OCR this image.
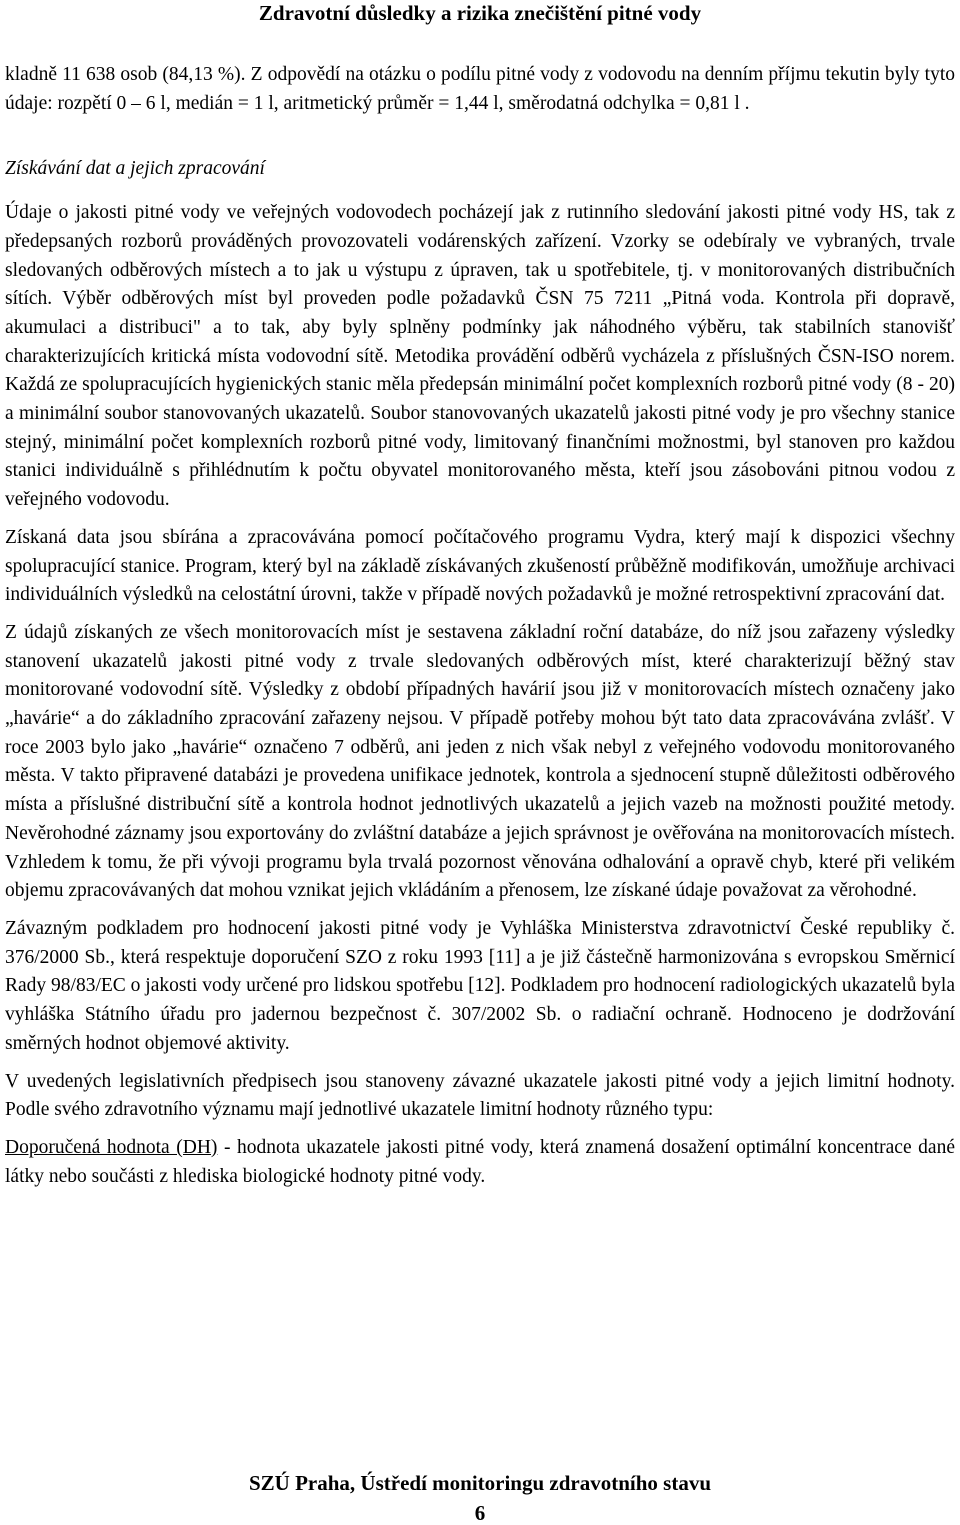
Zdravotní důsledky a rizika znečištění pitné vody

kladně 11 638 osob (84,13 %). Z odpovědí na otázku o podílu pitné vody z vodovodu na denním příjmu tekutin byly tyto údaje: rozpětí 0 – 6 l, medián = 1 l, aritmetický průměr = 1,44 l, směrodatná odchylka = 0,81 l .

Získávání dat a jejich zpracování

Údaje o jakosti pitné vody ve veřejných vodovodech pocházejí jak z rutinního sledování jakosti pitné vody HS, tak z předepsaných rozborů prováděných provozovateli vodárenských zařízení. Vzorky se odebíraly ve vybraných, trvale sledovaných odběrových místech a to jak u výstupu z úpraven, tak u spotřebitele, tj. v monitorovaných distribučních sítích. Výběr odběrových míst byl proveden podle požadavků ČSN 75 7211 „Pitná voda. Kontrola při dopravě, akumulaci a distribuci" a to tak, aby byly splněny podmínky jak náhodného výběru, tak stabilních stanovišť charakterizujících kritická místa vodovodní sítě. Metodika provádění odběrů vycházela z příslušných ČSN-ISO norem. Každá ze spolupracujících hygienických stanic měla předepsán minimální počet komplexních rozborů pitné vody (8 - 20) a minimální soubor stanovovaných ukazatelů. Soubor stanovovaných ukazatelů jakosti pitné vody je pro všechny stanice stejný, minimální počet komplexních rozborů pitné vody, limitovaný finančními možnostmi, byl stanoven pro každou stanici individuálně s přihlédnutím k počtu obyvatel monitorovaného města, kteří jsou zásobováni pitnou vodou z veřejného vodovodu.

Získaná data jsou sbírána a zpracovávána pomocí počítačového programu Vydra, který mají k dispozici všechny spolupracující stanice. Program, který byl na základě získávaných zkušeností průběžně modifikován, umožňuje archivaci individuálních výsledků na celostátní úrovni, takže v případě nových požadavků je možné retrospektivní zpracování dat.

Z údajů získaných ze všech monitorovacích míst je sestavena základní roční databáze, do níž jsou zařazeny výsledky stanovení ukazatelů jakosti pitné vody z trvale sledovaných odběrových míst, které charakterizují běžný stav monitorované vodovodní sítě. Výsledky z období případných havárií jsou již v monitorovacích místech označeny jako „havárie“ a do základního zpracování zařazeny nejsou. V případě potřeby mohou být tato data zpracovávána zvlášť. V roce 2003 bylo jako „havárie“ označeno 7 odběrů, ani jeden z nich však nebyl z veřejného vodovodu monitorovaného města. V takto připravené databázi je provedena unifikace jednotek, kontrola a sjednocení stupně důležitosti odběrového místa a příslušné distribuční sítě a kontrola hodnot jednotlivých ukazatelů a jejich vazeb na možnosti použité metody. Nevěrohodné záznamy jsou exportovány do zvláštní databáze a jejich správnost je ověřována na monitorovacích místech. Vzhledem k tomu, že při vývoji programu byla trvalá pozornost věnována odhalování a opravě chyb, které při velikém objemu zpracovávaných dat mohou vznikat jejich vkládáním a přenosem, lze získané údaje považovat za věrohodné.

Závazným podkladem pro hodnocení jakosti pitné vody je Vyhláška Ministerstva zdravotnictví České republiky č. 376/2000 Sb., která respektuje doporučení SZO z roku 1993 [11] a je již částečně harmonizována s evropskou Směrnicí Rady 98/83/EC o jakosti vody určené pro lidskou spotřebu [12]. Podkladem pro hodnocení radiologických ukazatelů byla vyhláška Státního úřadu pro jadernou bezpečnost č. 307/2002 Sb. o radiační ochraně. Hodnoceno je dodržování směrných hodnot objemové aktivity.

V uvedených legislativních předpisech jsou stanoveny závazné ukazatele jakosti pitné vody a jejich limitní hodnoty. Podle svého zdravotního významu mají jednotlivé ukazatele limitní hodnoty různého typu:

Doporučená hodnota (DH) - hodnota ukazatele jakosti pitné vody, která znamená dosažení optimální koncentrace dané látky nebo součásti z hlediska biologické hodnoty pitné vody.

SZÚ Praha, Ústředí monitoringu zdravotního stavu
6
